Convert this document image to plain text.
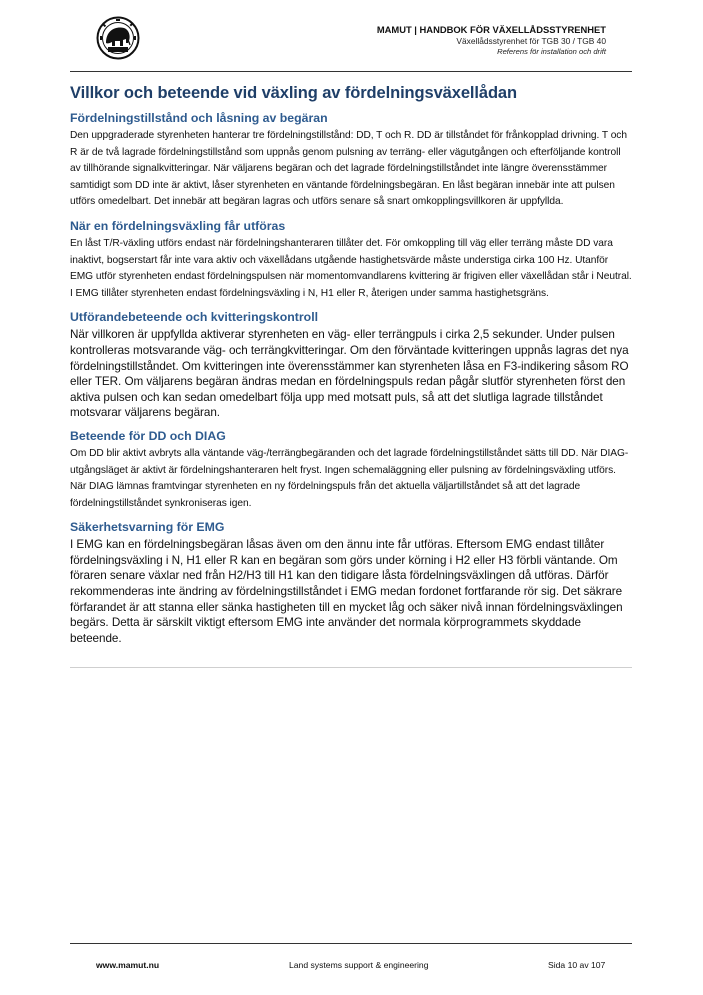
MAMUT | HANDBOK FÖR VÄXELLÅDSSTYRENHET
Växellådsstyrenhet för TGB 30 / TGB 40
Referens för installation och drift
Villkor och beteende vid växling av fördelningsväxellådan
Fördelningstillstånd och låsning av begäran

Den uppgraderade styrenheten hanterar tre fördelningstillstånd: DD, T och R. DD är tillståndet för frånkopplad drivning. T och R är de två lagrade fördelningstillstånd som uppnås genom pulsning av terräng- eller vägutgången och efterföljande kontroll av tillhörande signalkvitteringar. När väljarens begäran och det lagrade fördelningstillståndet inte längre överensstämmer samtidigt som DD inte är aktivt, låser styrenheten en väntande fördelningsbegäran. En låst begäran innebär inte att pulsen utförs omedelbart. Det innebär att begäran lagras och utförs senare så snart omkopplingsvillkoren är uppfyllda.

När en fördelningsväxling får utföras

En låst T/R-växling utförs endast när fördelningshanteraren tillåter det. För omkoppling till väg eller terräng måste DD vara inaktivt, bogserstart får inte vara aktiv och växellådans utgående hastighetsvärde måste understiga cirka 100 Hz. Utanför EMG utför styrenheten endast fördelningspulsen när momentomvandlarens kvittering är frigiven eller växellådan står i Neutral. I EMG tillåter styrenheten endast fördelningsväxling i N, H1 eller R, återigen under samma hastighetsgräns.

Utförandebeteende och kvitteringskontroll

När villkoren är uppfyllda aktiverar styrenheten en väg- eller terrängpuls i cirka 2,5 sekunder. Under pulsen kontrolleras motsvarande väg- och terrängkvitteringar. Om den förväntade kvitteringen uppnås lagras det nya fördelningstillståndet. Om kvitteringen inte överensstämmer kan styrenheten låsa en F3-indikering såsom RO eller TER. Om väljarens begäran ändras medan en fördelningspuls redan pågår slutför styrenheten först den aktiva pulsen och kan sedan omedelbart följa upp med motsatt puls, så att det slutliga lagrade tillståndet motsvarar väljarens begäran.

Beteende för DD och DIAG

Om DD blir aktivt avbryts alla väntande väg-/terrängbegäranden och det lagrade fördelningstillståndet sätts till DD. När DIAG-utgångsläget är aktivt är fördelningshanteraren helt fryst. Ingen schemaläggning eller pulsning av fördelningsväxling utförs. När DIAG lämnas framtvingar styrenheten en ny fördelningspuls från det aktuella väljartillståndet så att det lagrade fördelningstillståndet synkroniseras igen.

Säkerhetsvarning för EMG

I EMG kan en fördelningsbegäran låsas även om den ännu inte får utföras. Eftersom EMG endast tillåter fördelningsväxling i N, H1 eller R kan en begäran som görs under körning i H2 eller H3 förbli väntande. Om föraren senare växlar ned från H2/H3 till H1 kan den tidigare låsta fördelningsväxlingen då utföras. Därför rekommenderas inte ändring av fördelningstillståndet i EMG medan fordonet fortfarande rör sig. Det säkrare förfarandet är att stanna eller sänka hastigheten till en mycket låg och säker nivå innan fördelningsväxlingen begärs. Detta är särskilt viktigt eftersom EMG inte använder det normala körprogrammets skyddade beteende.

www.mamut.nu	Land systems support & engineering	Sida 10 av 107
